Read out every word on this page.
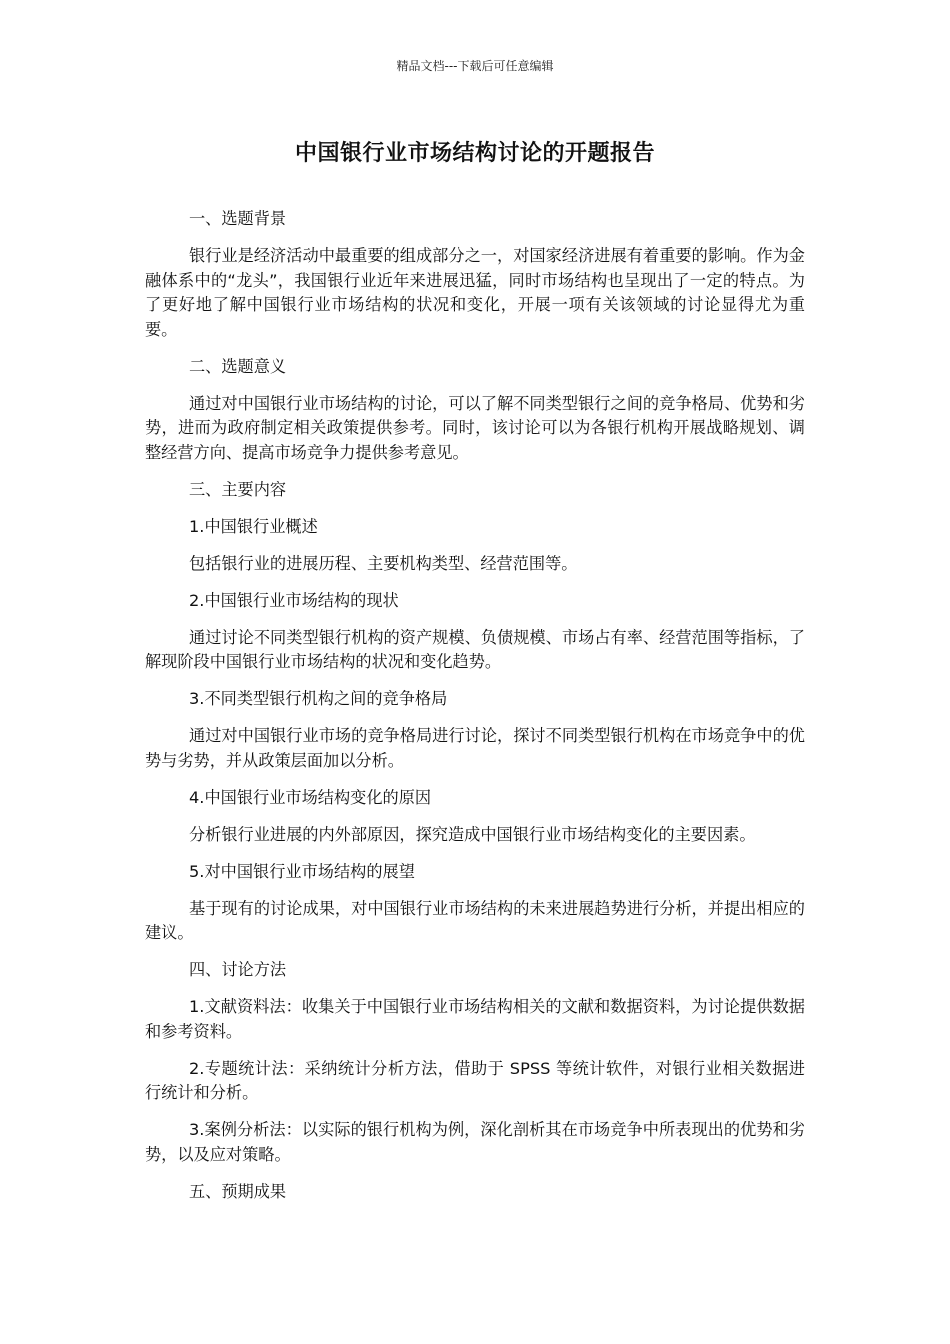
精品文档---下载后可任意编辑
中国银行业市场结构讨论的开题报告

一、选题背景

银行业是经济活动中最重要的组成部分之一，对国家经济进展有着重要的影响。作为金融体系中的“龙头”，我国银行业近年来进展迅猛，同时市场结构也呈现出了一定的特点。为了更好地了解中国银行业市场结构的状况和变化，开展一项有关该领域的讨论显得尤为重要。

二、选题意义

通过对中国银行业市场结构的讨论，可以了解不同类型银行之间的竞争格局、优势和劣势，进而为政府制定相关政策提供参考。同时，该讨论可以为各银行机构开展战略规划、调整经营方向、提高市场竞争力提供参考意见。

三、主要内容

1.中国银行业概述

包括银行业的进展历程、主要机构类型、经营范围等。

2.中国银行业市场结构的现状

通过讨论不同类型银行机构的资产规模、负债规模、市场占有率、经营范围等指标，了解现阶段中国银行业市场结构的状况和变化趋势。

3.不同类型银行机构之间的竞争格局

通过对中国银行业市场的竞争格局进行讨论，探讨不同类型银行机构在市场竞争中的优势与劣势，并从政策层面加以分析。

4.中国银行业市场结构变化的原因

分析银行业进展的内外部原因，探究造成中国银行业市场结构变化的主要因素。

5.对中国银行业市场结构的展望

基于现有的讨论成果，对中国银行业市场结构的未来进展趋势进行分析，并提出相应的建议。

四、讨论方法

1.文献资料法：收集关于中国银行业市场结构相关的文献和数据资料，为讨论提供数据和参考资料。

2.专题统计法：采纳统计分析方法，借助于 SPSS 等统计软件，对银行业相关数据进行统计和分析。

3.案例分析法：以实际的银行机构为例，深化剖析其在市场竞争中所表现出的优势和劣势，以及应对策略。

五、预期成果
